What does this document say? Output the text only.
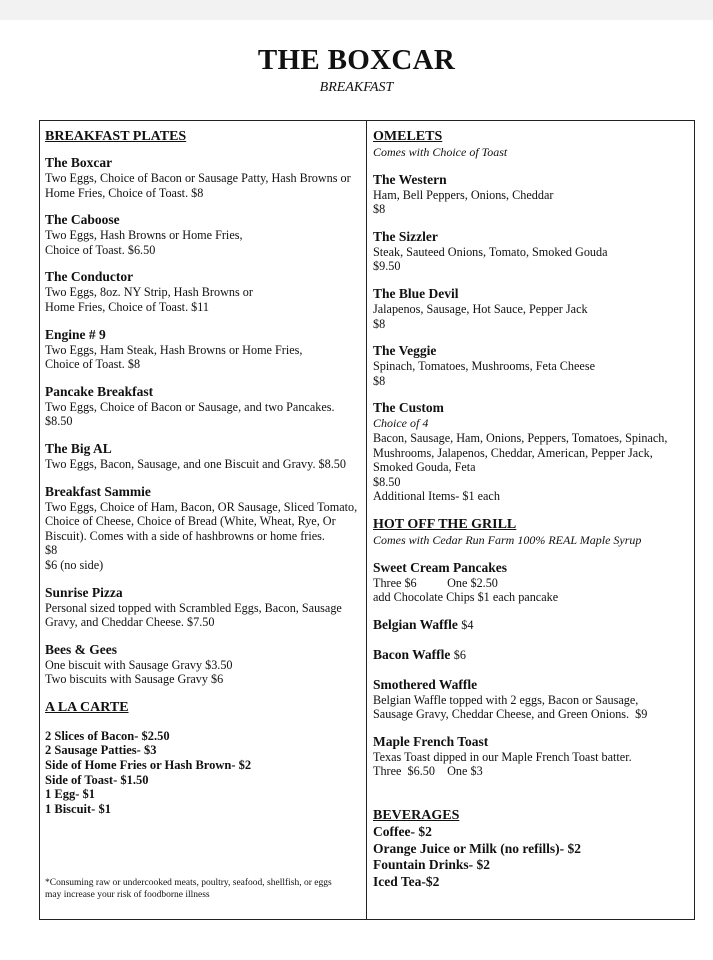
THE BOXCAR
BREAKFAST
BREAKFAST PLATES
The Boxcar
Two Eggs, Choice of Bacon or Sausage Patty, Hash Browns or
Home Fries, Choice of Toast. $8
The Caboose
Two Eggs, Hash Browns or Home Fries,
Choice of Toast. $6.50
The Conductor
Two Eggs, 8oz. NY Strip, Hash Browns or
Home Fries, Choice of Toast. $11
Engine # 9
Two Eggs, Ham Steak, Hash Browns or Home Fries,
Choice of Toast. $8
Pancake Breakfast
Two Eggs, Choice of Bacon or Sausage, and two Pancakes.
$8.50
The Big AL
Two Eggs, Bacon, Sausage, and one Biscuit and Gravy. $8.50
Breakfast Sammie
Two Eggs, Choice of Ham, Bacon, OR Sausage, Sliced Tomato,
Choice of Cheese, Choice of Bread (White, Wheat, Rye, Or
Biscuit). Comes with a side of hashbrowns or home fries.
$8
$6 (no side)
Sunrise Pizza
Personal sized topped with Scrambled Eggs, Bacon, Sausage
Gravy, and Cheddar Cheese. $7.50
Bees & Gees
One biscuit with Sausage Gravy $3.50
Two biscuits with Sausage Gravy $6
A LA CARTE
2 Slices of Bacon- $2.50
2 Sausage Patties- $3
Side of Home Fries or Hash Brown- $2
Side of Toast- $1.50
1 Egg- $1
1 Biscuit- $1
*Consuming raw or undercooked meats, poultry, seafood, shellfish, or eggs
may increase your risk of foodborne illness
OMELETS
Comes with Choice of Toast
The Western
Ham, Bell Peppers, Onions, Cheddar
$8
The Sizzler
Steak, Sauteed Onions, Tomato, Smoked Gouda
$9.50
The Blue Devil
Jalapenos, Sausage, Hot Sauce, Pepper Jack
$8
The Veggie
Spinach, Tomatoes, Mushrooms, Feta Cheese
$8
The Custom
Choice of 4
Bacon, Sausage, Ham, Onions, Peppers, Tomatoes, Spinach,
Mushrooms, Jalapenos, Cheddar, American, Pepper Jack,
Smoked Gouda, Feta
$8.50
Additional Items- $1 each
HOT OFF THE GRILL
Comes with Cedar Run Farm 100% REAL Maple Syrup
Sweet Cream Pancakes
Three $6          One $2.50
add Chocolate Chips $1 each pancake
Belgian Waffle $4
Bacon Waffle $6
Smothered Waffle
Belgian Waffle topped with 2 eggs, Bacon or Sausage,
Sausage Gravy, Cheddar Cheese, and Green Onions.  $9
Maple French Toast
Texas Toast dipped in our Maple French Toast batter.
Three  $6.50    One $3
BEVERAGES
Coffee- $2
Orange Juice or Milk (no refills)- $2
Fountain Drinks- $2
Iced Tea-$2
